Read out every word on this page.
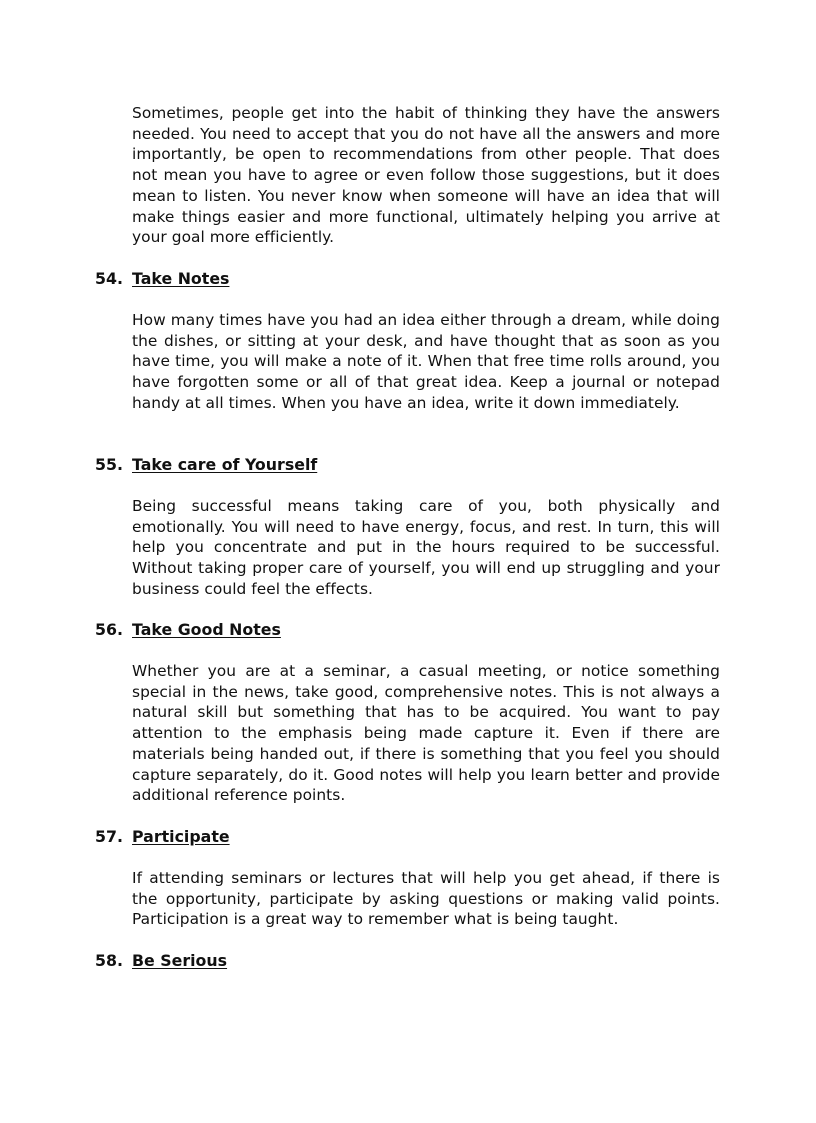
Sometimes, people get into the habit of thinking they have the answers needed. You need to accept that you do not have all the answers and more importantly, be open to recommendations from other people. That does not mean you have to agree or even follow those suggestions, but it does mean to listen. You never know when someone will have an idea that will make things easier and more functional, ultimately helping you arrive at your goal more efficiently.

54. Take Notes

How many times have you had an idea either through a dream, while doing the dishes, or sitting at your desk, and have thought that as soon as you have time, you will make a note of it. When that free time rolls around, you have forgotten some or all of that great idea. Keep a journal or notepad handy at all times. When you have an idea, write it down immediately.

55. Take care of Yourself

Being successful means taking care of you, both physically and emotionally. You will need to have energy, focus, and rest. In turn, this will help you concentrate and put in the hours required to be successful. Without taking proper care of yourself, you will end up struggling and your business could feel the effects.

56. Take Good Notes

Whether you are at a seminar, a casual meeting, or notice something special in the news, take good, comprehensive notes. This is not always a natural skill but something that has to be acquired. You want to pay attention to the emphasis being made capture it. Even if there are materials being handed out, if there is something that you feel you should capture separately, do it. Good notes will help you learn better and provide additional reference points.

57. Participate

If attending seminars or lectures that will help you get ahead, if there is the opportunity, participate by asking questions or making valid points. Participation is a great way to remember what is being taught.

58. Be Serious
